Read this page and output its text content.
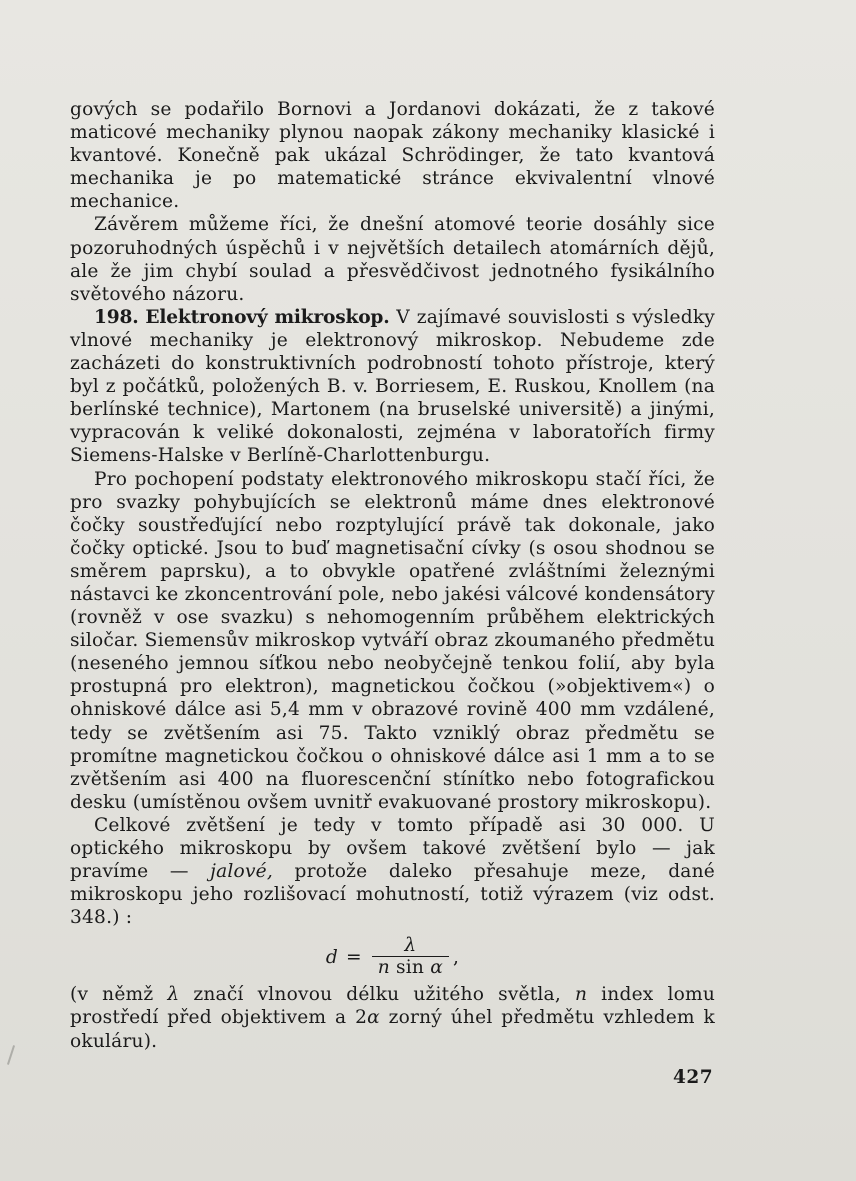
gových se podařilo Bornovi a Jordanovi dokázati, že z takové maticové mechaniky plynou naopak zákony mechaniky klasické i kvantové. Konečně pak ukázal Schrödinger, že tato kvantová mechanika je po matematické stránce ekvivalentní vlnové mechanice.

Závěrem můžeme říci, že dnešní atomové teorie dosáhly sice pozoruhodných úspěchů i v největších detailech atomárních dějů, ale že jim chybí soulad a přesvědčivost jednotného fysikálního světového názoru.

198. Elektronový mikroskop. V zajímavé souvislosti s výsledky vlnové mechaniky je elektronový mikroskop. Nebudeme zde zacházeti do konstruktivních podrobností tohoto přístroje, který byl z počátků, položených B. v. Borriesem, E. Ruskou, Knollem (na berlínské technice), Martonem (na bruselské universitě) a jinými, vypracován k veliké dokonalosti, zejména v laboratořích firmy Siemens-Halske v Berlíně-Charlottenburgu.

Pro pochopení podstaty elektronového mikroskopu stačí říci, že pro svazky pohybujících se elektronů máme dnes elektronové čočky soustřeďující nebo rozptylující právě tak dokonale, jako čočky optické. Jsou to buď magnetisační cívky (s osou shodnou se směrem paprsku), a to obvykle opatřené zvláštními železnými nástavci ke zkoncentrování pole, nebo jakési válcové kondensátory (rovněž v ose svazku) s nehomogenním průběhem elektrických siločar. Siemensův mikroskop vytváří obraz zkoumaného předmětu (neseného jemnou síťkou nebo neobyčejně tenkou folií, aby byla prostupná pro elektron), magnetickou čočkou (»objektivem«) o ohniskové dálce asi 5,4 mm v obrazové rovině 400 mm vzdálené, tedy se zvětšením asi 75. Takto vzniklý obraz předmětu se promítne magnetickou čočkou o ohniskové dálce asi 1 mm a to se zvětšením asi 400 na fluorescenční stínítko nebo fotografickou desku (umístěnou ovšem uvnitř evakuované prostory mikroskopu).

Celkové zvětšení je tedy v tomto případě asi 30 000. U optického mikroskopu by ovšem takové zvětšení bylo — jak pravíme — jalové, protože daleko přesahuje meze, dané mikroskopu jeho rozlišovací mohutností, totiž výrazem (viz odst. 348.) :

$d = \frac{\lambda}{\text{n sin α}}$ ,

(v němž λ značí vlnovou délku užitého světla, n index lomu prostředí před objektivem a 2α zorný úhel předmětu vzhledem k okuláru).

427
